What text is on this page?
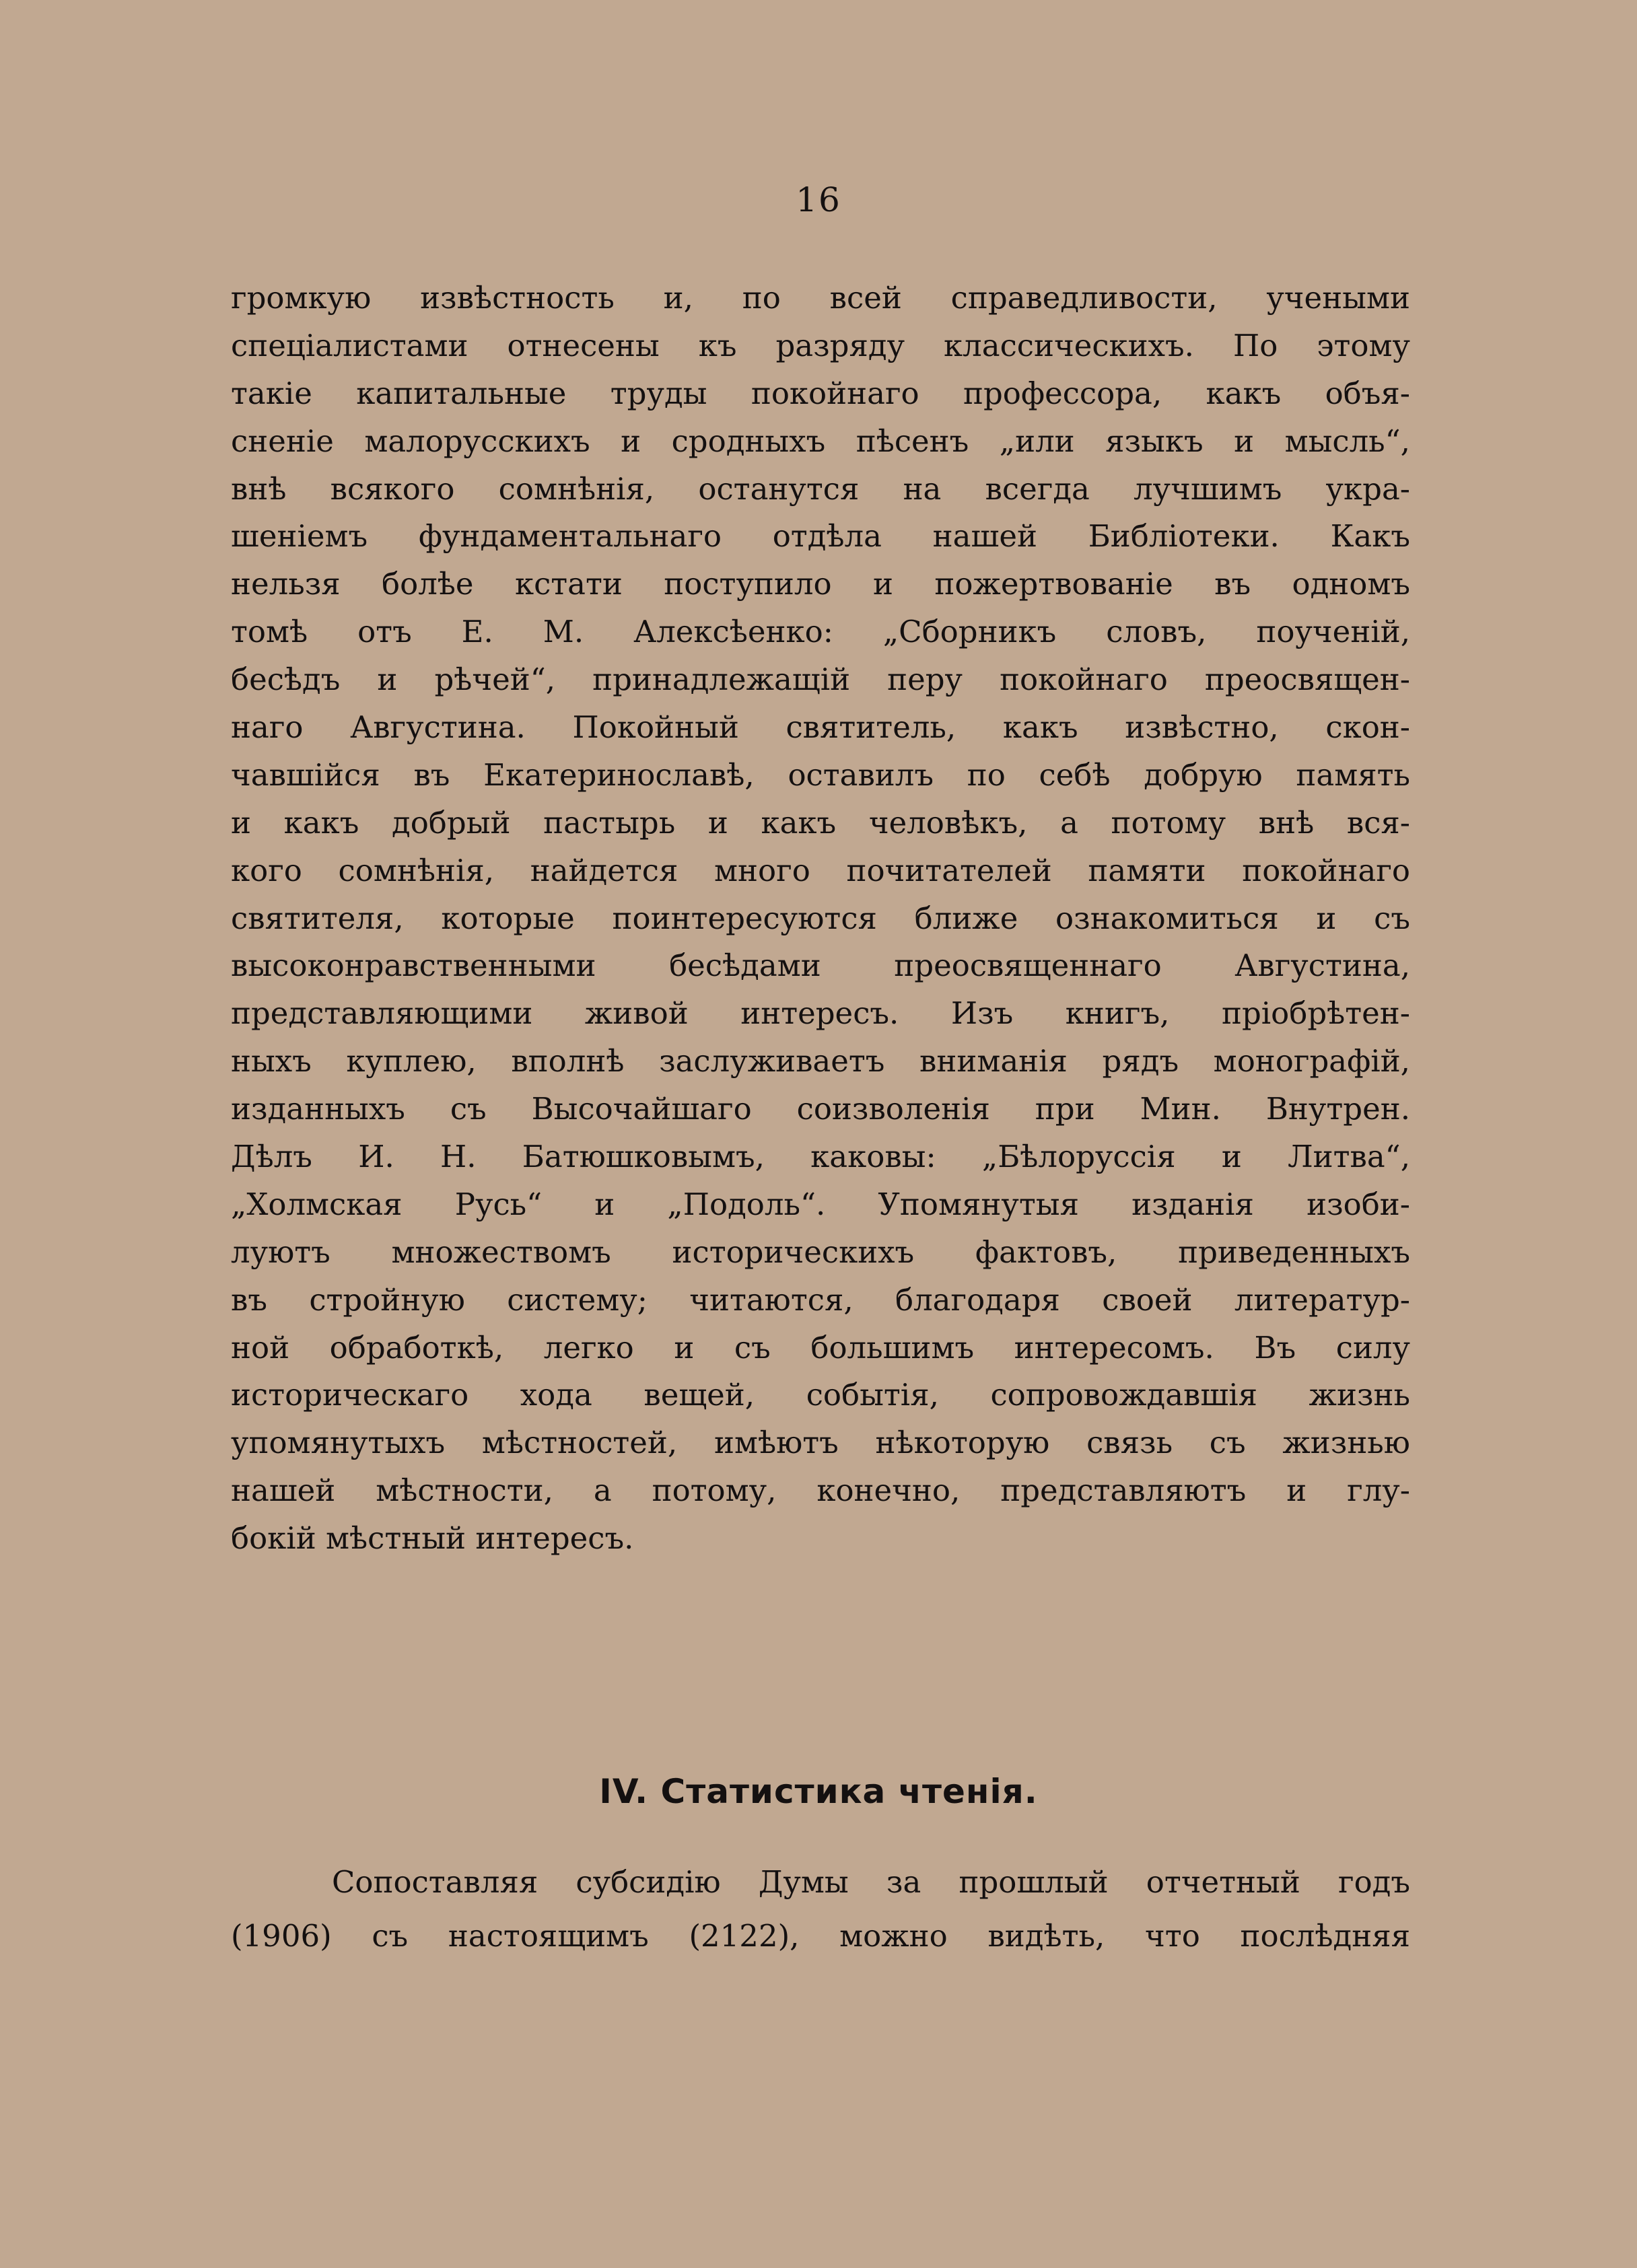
16
громкую извѣстность и, по всей справедливости, учеными
спеціалистами отнесены къ разряду классическихъ. По этому
такіе капитальные труды покойнаго профессора, какъ объя-
сненіе малорусскихъ и сродныхъ пѣсенъ „или языкъ и мысль“,
внѣ всякого сомнѣнія, останутся на всегда лучшимъ укра-
шеніемъ фундаментальнаго отдѣла нашей Библіотеки. Какъ
нельзя болѣе кстати поступило и пожертвованіе въ одномъ
томѣ отъ Е. М. Алексѣенко: „Сборникъ словъ, поученій,
бесѣдъ и рѣчей“, принадлежащій перу покойнаго преосвящен-
наго Августина. Покойный святитель, какъ извѣстно, скон-
чавшійся въ Екатеринославѣ, оставилъ по себѣ добрую память
и какъ добрый пастырь и какъ человѣкъ, а потому внѣ вся-
кого сомнѣнія, найдется много почитателей памяти покойнаго
святителя, которые поинтересуются ближе ознакомиться и съ
высоконравственными бесѣдами преосвященнаго Августина,
представляющими живой интересъ. Изъ книгъ, пріобрѣтен-
ныхъ куплею, вполнѣ заслуживаетъ вниманія рядъ монографій,
изданныхъ съ Высочайшаго соизволенія при Мин. Внутрен.
Дѣлъ И. Н. Батюшковымъ, каковы: „Бѣлоруссія и Литва“,
„Холмская Русь“ и „Подоль“. Упомянутыя изданія изоби-
луютъ множествомъ историческихъ фактовъ, приведенныхъ
въ стройную систему; читаются, благодаря своей литератур-
ной обработкѣ, легко и съ большимъ интересомъ. Въ силу
историческаго хода вещей, событія, сопровождавшія жизнь
упомянутыхъ мѣстностей, имѣютъ нѣкоторую связь съ жизнью
нашей мѣстности, а потому, конечно, представляютъ и глу-
бокій мѣстный интересъ.
IV. Статистика чтенія.
Сопоставляя субсидію Думы за прошлый отчетный годъ
(1906) съ настоящимъ (2122), можно видѣть, что послѣдняя
